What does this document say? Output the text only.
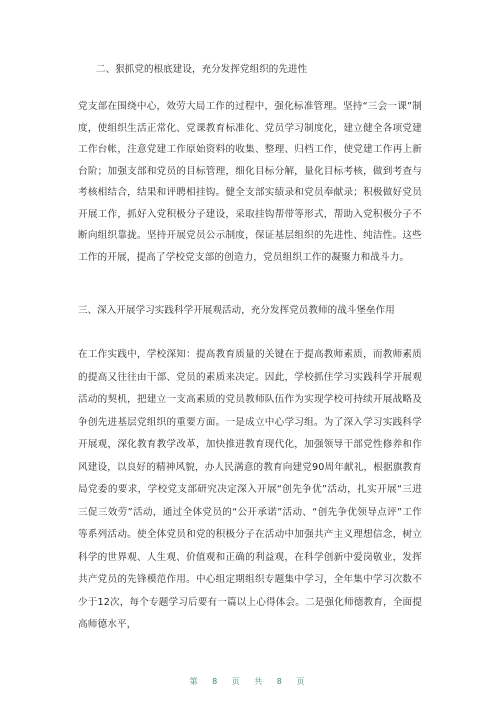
二、狠抓党的根底建设，充分发挥党组织的先进性

党支部在围绕中心，效劳大局工作的过程中，强化标准管理。坚持“三会一课”制度，使组织生活正常化、党课教育标准化、党员学习制度化，建立健全各项党建工作台帐，注意党建工作原始资料的收集、整理、归档工作，使党建工作再上新台阶；加强支部和党员的目标管理，细化目标分解，量化目标考核，做到考查与考核相结合，结果和评聘相挂钩。健全支部实绩录和党员奉献录；积极做好党员开展工作，抓好入党积极分子建设，采取挂钩帮带等形式，帮助入党积极分子不断向组织靠拢。坚持开展党员公示制度，保证基层组织的先进性、纯洁性。这些工作的开展，提高了学校党支部的创造力，党员组织工作的凝聚力和战斗力。

三、深入开展学习实践科学开展观活动，充分发挥党员教师的战斗堡垒作用

在工作实践中，学校深知：提高教育质量的关键在于提高教师素质，而教师素质的提高又往往由干部、党员的素质来决定。因此，学校抓住学习实践科学开展观活动的契机，把建立一支高素质的党员教师队伍作为实现学校可持续开展战略及争创先进基层党组织的重要方面。一是成立中心学习组。为了深入学习实践科学开展观，深化教育教学改革，加快推进教育现代化，加强领导干部党性修养和作风建设，以良好的精神风貌，办人民满意的教育向建党90周年献礼，根据旗教育局党委的要求，学校党支部研究决定深入开展“创先争优”活动，扎实开展“三进三促三效劳”活动，通过全体党员的“公开承诺”活动、“创先争优领导点评”工作等系列活动。使全体党员和党的积极分子在活动中加强共产主义理想信念，树立科学的世界观、人生观、价值观和正确的利益观，在科学创新中爱岗敬业，发挥共产党员的先锋模范作用。中心组定期组织专题集中学习，全年集中学习次数不少于12次，每个专题学习后要有一篇以上心得体会。二是强化师德教育，全面提高师德水平，

第 8 页 共 8 页
